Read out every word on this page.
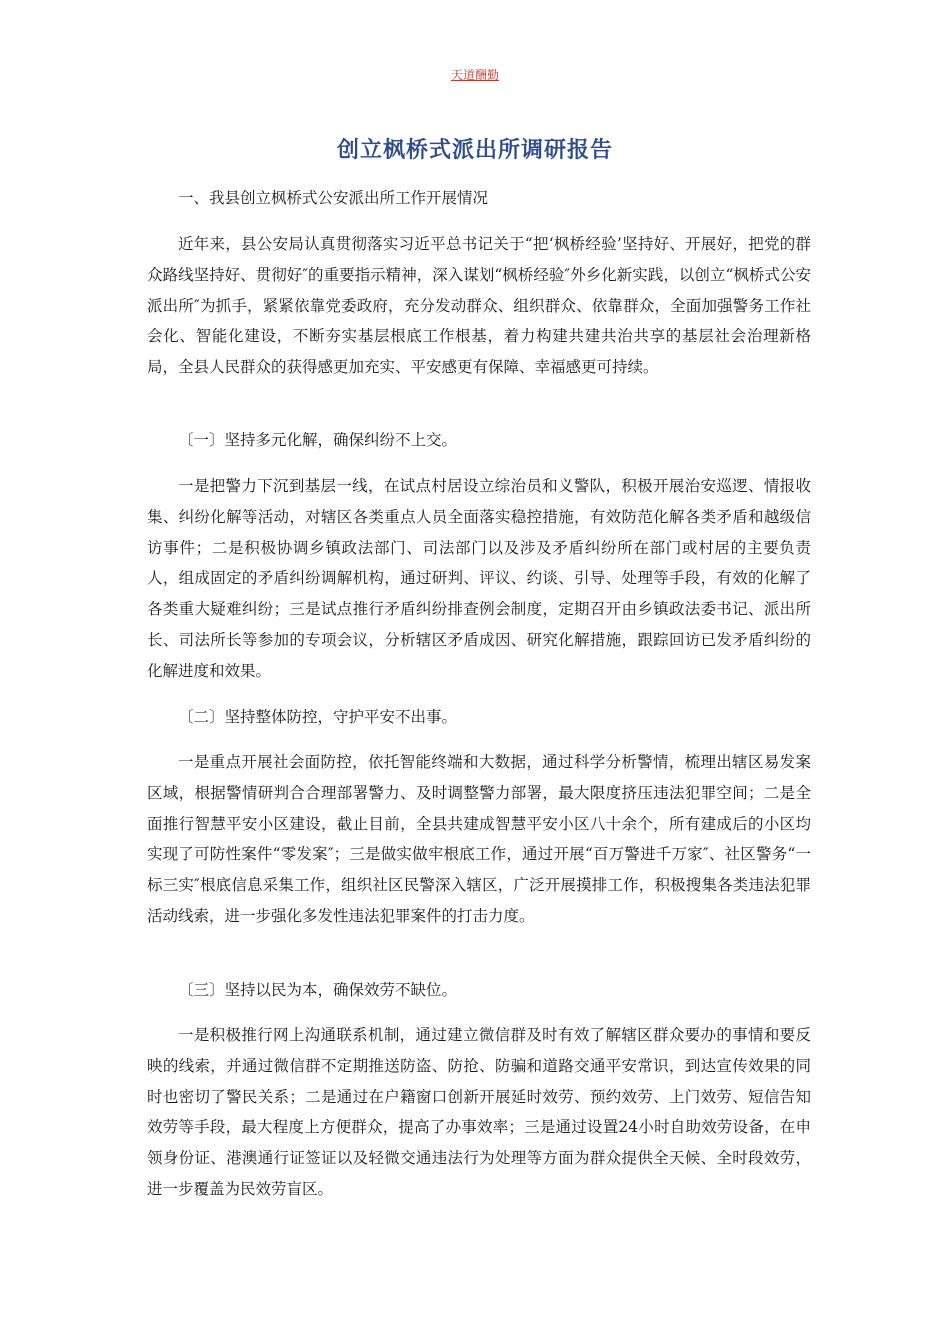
天道酬勤
创立枫桥式派出所调研报告
一、我县创立枫桥式公安派出所工作开展情况

近年来，县公安局认真贯彻落实习近平总书记关于“把‘枫桥经验’坚持好、开展好，把党的群众路线坚持好、贯彻好″的重要指示精神，深入谋划“枫桥经验″外乡化新实践，以创立“枫桥式公安派出所″为抓手，紧紧依靠党委政府，充分发动群众、组织群众、依靠群众，全面加强警务工作社会化、智能化建设，不断夯实基层根底工作根基，着力构建共建共治共享的基层社会治理新格局，全县人民群众的获得感更加充实、平安感更有保障、幸福感更可持续。

〔一〕坚持多元化解，确保纠纷不上交。

一是把警力下沉到基层一线，在试点村居设立综治员和义警队，积极开展治安巡逻、情报收集、纠纷化解等活动，对辖区各类重点人员全面落实稳控措施，有效防范化解各类矛盾和越级信访事件；二是积极协调乡镇政法部门、司法部门以及涉及矛盾纠纷所在部门或村居的主要负责人，组成固定的矛盾纠纷调解机构，通过研判、评议、约谈、引导、处理等手段，有效的化解了各类重大疑难纠纷；三是试点推行矛盾纠纷排查例会制度，定期召开由乡镇政法委书记、派出所长、司法所长等参加的专项会议，分析辖区矛盾成因、研究化解措施，跟踪回访已发矛盾纠纷的化解进度和效果。

〔二〕坚持整体防控，守护平安不出事。

一是重点开展社会面防控，依托智能终端和大数据，通过科学分析警情，梳理出辖区易发案区域，根据警情研判合合理部署警力、及时调整警力部署，最大限度挤压违法犯罪空间；二是全面推行智慧平安小区建设，截止目前，全县共建成智慧平安小区八十余个，所有建成后的小区均实现了可防性案件“零发案″；三是做实做牢根底工作，通过开展“百万警进千万家″、社区警务“一标三实″根底信息采集工作，组织社区民警深入辖区，广泛开展摸排工作，积极搜集各类违法犯罪活动线索，进一步强化多发性违法犯罪案件的打击力度。

〔三〕坚持以民为本，确保效劳不缺位。

一是积极推行网上沟通联系机制，通过建立微信群及时有效了解辖区群众要办的事情和要反映的线索，并通过微信群不定期推送防盗、防抢、防骗和道路交通平安常识，到达宣传效果的同时也密切了警民关系；二是通过在户籍窗口创新开展延时效劳、预约效劳、上门效劳、短信告知效劳等手段，最大程度上方便群众，提高了办事效率；三是通过设置24小时自助效劳设备，在申领身份证、港澳通行证签证以及轻微交通违法行为处理等方面为群众提供全天候、全时段效劳，进一步覆盖为民效劳盲区。
